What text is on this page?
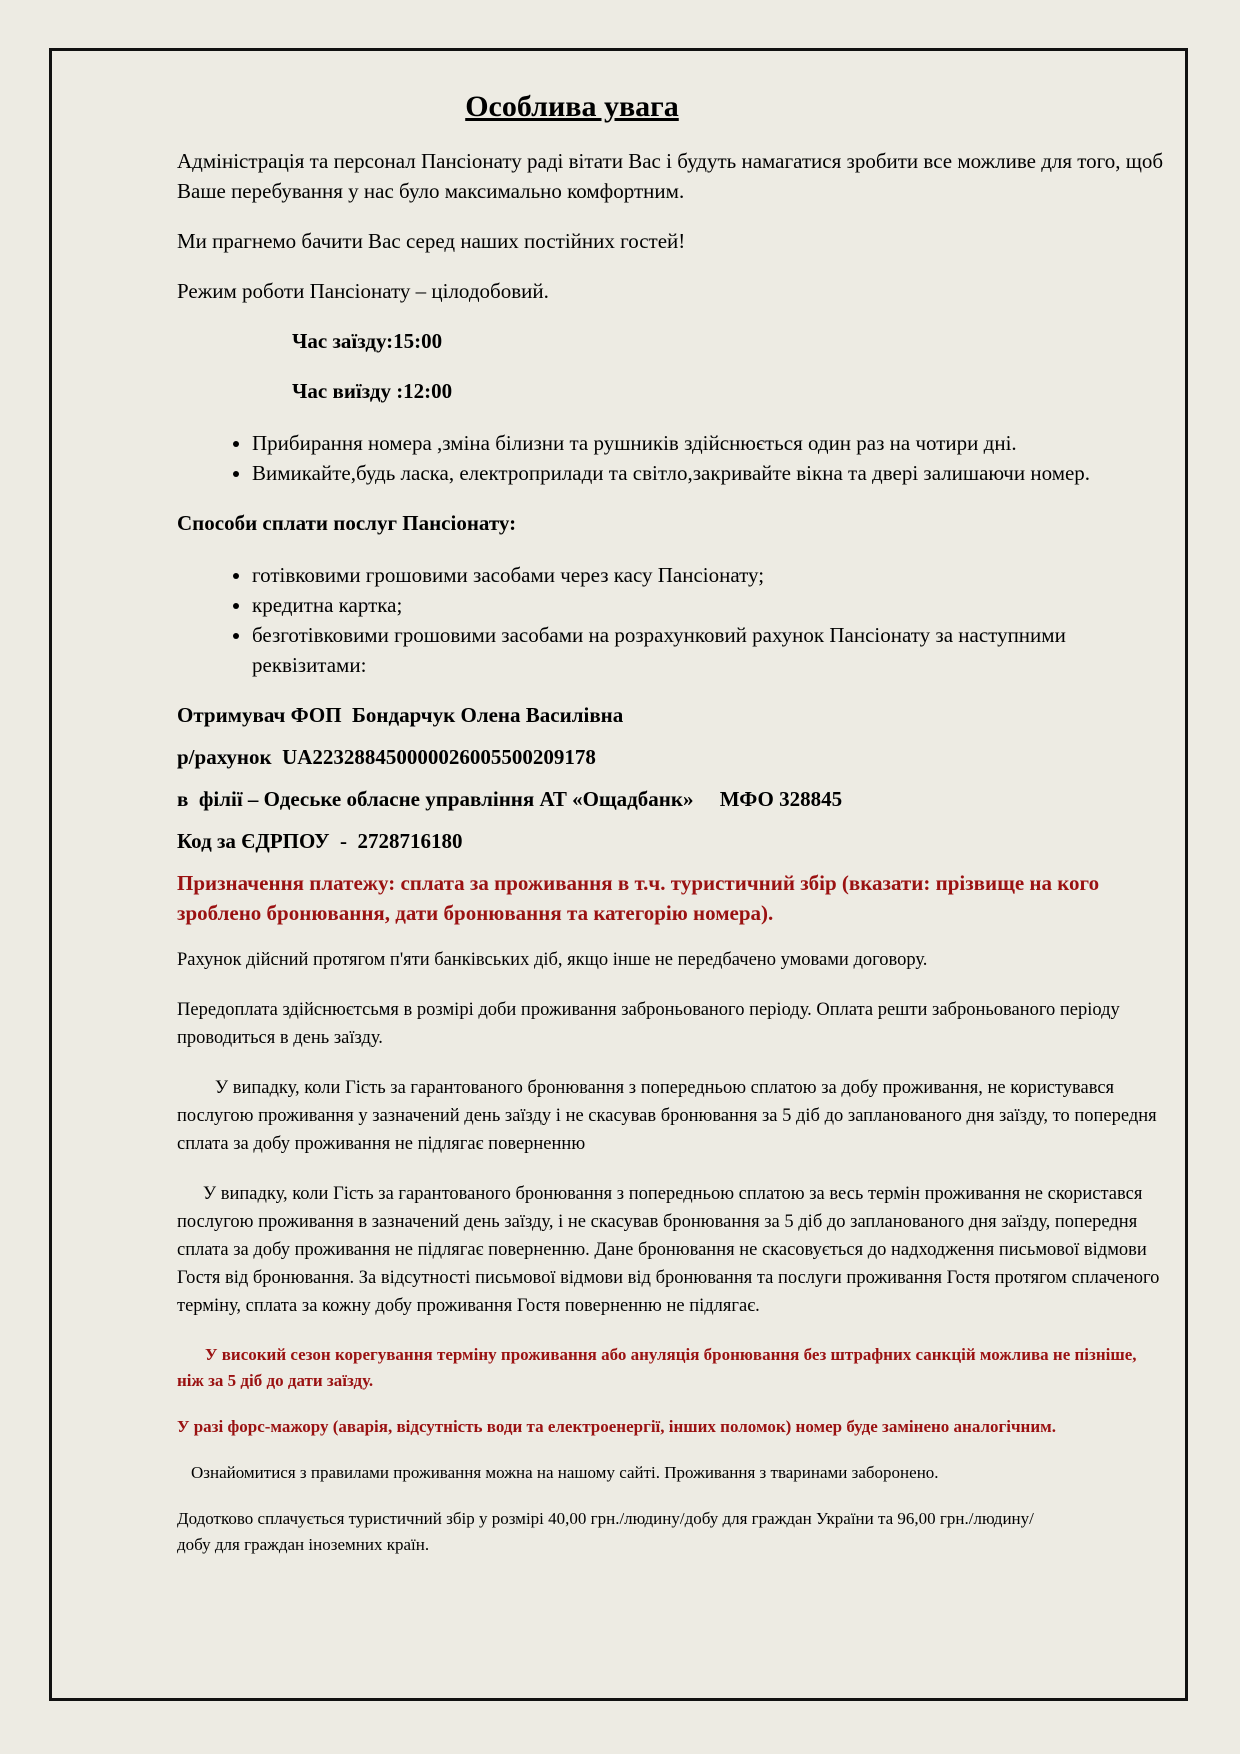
Особлива увага

Адміністрація та персонал Пансіонату раді вітати Вас і будуть намагатися зробити все можливе для того, щоб Ваше перебування у нас було максимально комфортним.

Ми прагнемо бачити Вас серед наших постійних гостей!

Режим роботи Пансіонату – цілодобовий.

Час заїзду:15:00

Час виїзду :12:00

• Прибирання номера ,зміна білизни та рушників здійснюється один раз на чотири дні.
• Вимикайте,будь ласка, електроприлади та світло,закривайте вікна та двері залишаючи номер.

Способи сплати послуг Пансіонату:

• готівковими грошовими засобами через касу Пансіонату;
• кредитна картка;
• безготівковими грошовими засобами на розрахунковий рахунок Пансіонату за наступними реквізитами:

Отримувач ФОП  Бондарчук Олена Василівна

р/рахунок  UA223288450000026005500209178

в  філії – Одеське обласне управління АТ «Ощадбанк»     МФО 328845

Код за ЄДРПОУ  -  2728716180

Призначення платежу: сплата за проживання в т.ч. туристичний збір (вказати: прізвище на кого зроблено бронювання, дати бронювання та категорію номера).

Рахунок дійсний протягом п'яти банківських діб, якщо інше не передбачено умовами договору.

Передоплата здійснюєтсьмя в розмірі доби проживання заброньованого періоду. Оплата решти заброньованого періоду проводиться в день заїзду.

У випадку, коли Гість за гарантованого бронювання з попередньою сплатою за добу проживання, не користувався послугою проживання у зазначений день заїзду і не скасував бронювання за 5 діб до запланованого дня заїзду, то попередня сплата за добу проживання не підлягає поверненню

У випадку, коли Гість за гарантованого бронювання з попередньою сплатою за весь термін проживання не скористався послугою проживання в зазначений день заїзду, і не скасував бронювання за 5 діб до запланованого дня заїзду, попередня сплата за добу проживання не підлягає поверненню. Дане бронювання не скасовується до надходження письмової відмови Гостя від бронювання. За відсутності письмової відмови від бронювання та послуги проживання Гостя протягом сплаченого терміну, сплата за кожну добу проживання Гостя поверненню не підлягає.

У високий сезон корегування терміну проживання або ануляція бронювання без штрафних санкцій можлива не пізніше, ніж за 5 діб до дати заїзду.

У разі форс-мажору (аварія, відсутність води та електроенергії, інших поломок) номер буде замінено аналогічним.

Ознайомитися з правилами проживання можна на нашому сайті. Проживання з тваринами заборонено.

Додотково сплачується туристичний збір у розмірі 40,00 грн./людину/добу для граждан України та 96,00 грн./людину/добу для граждан іноземних країн.
